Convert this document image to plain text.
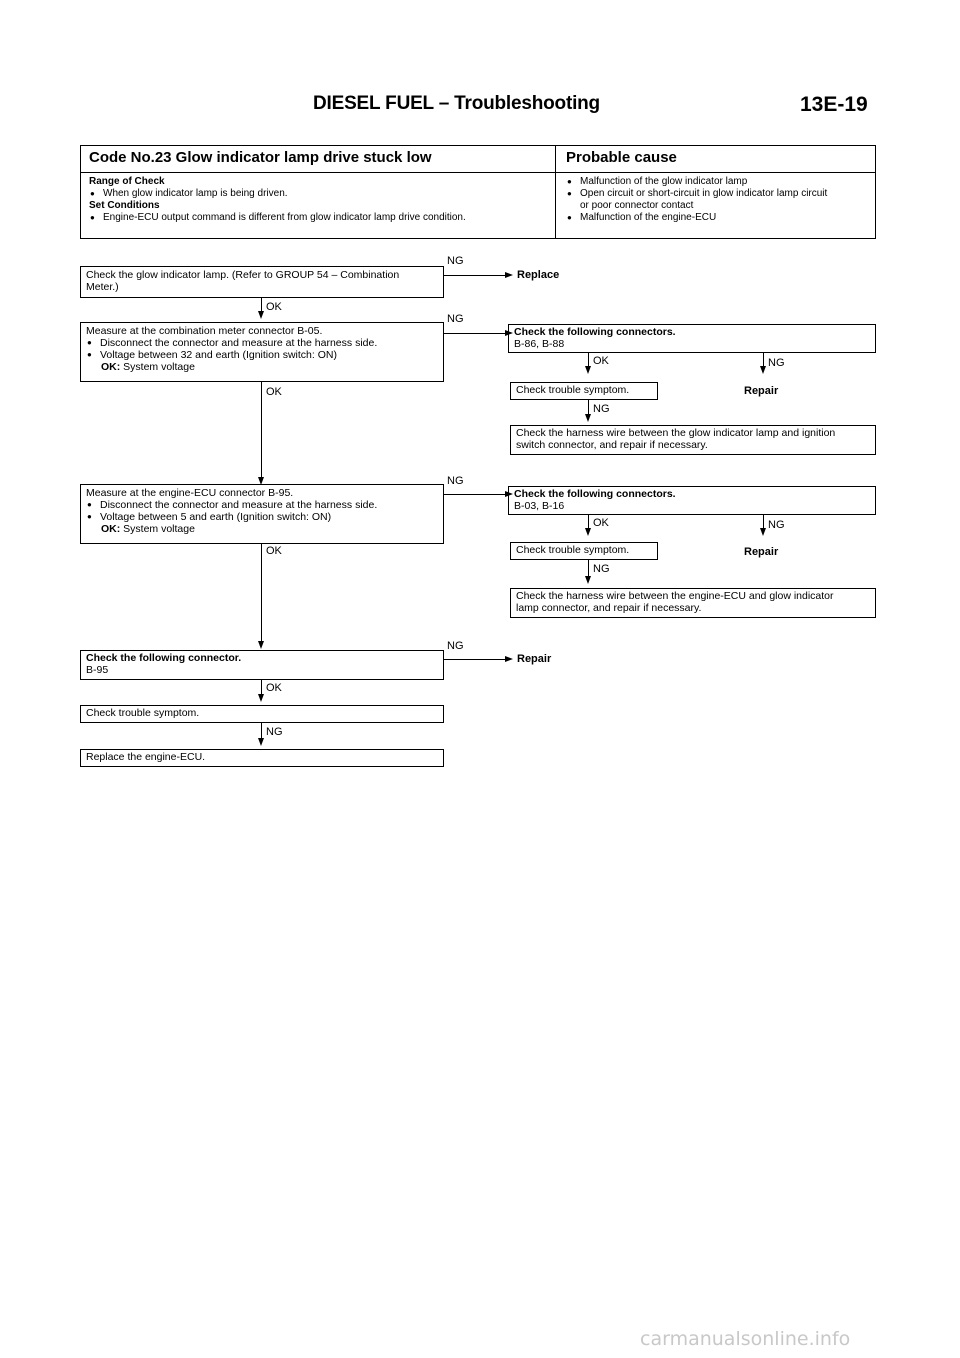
DIESEL FUEL – Troubleshooting	13E-19
Code No.23 Glow indicator lamp drive stuck low	Probable cause
Range of Check
● When glow indicator lamp is being driven.
Set Conditions
● Engine-ECU output command is different from glow indicator lamp drive condition.
● Malfunction of the glow indicator lamp
● Open circuit or short-circuit in glow indicator lamp circuit
or poor connector contact
● Malfunction of the engine-ECU
Check the glow indicator lamp. (Refer to GROUP 54 – Combination
Meter.)
NG
Replace
OK
Measure at the combination meter connector B-05.
● Disconnect the connector and measure at the harness side.
● Voltage between 32 and earth (Ignition switch: ON)
OK: System voltage
NG
Check the following connectors.
B-86, B-88
OK	NG
Repair
Check trouble symptom.
NG
Check the harness wire between the glow indicator lamp and ignition
switch connector, and repair if necessary.
OK
Measure at the engine-ECU connector B-95.
● Disconnect the connector and measure at the harness side.
● Voltage between 5 and earth (Ignition switch: ON)
OK: System voltage
NG
Check the following connectors.
B-03, B-16
OK	NG
Repair
Check trouble symptom.
NG
Check the harness wire between the engine-ECU and glow indicator
lamp connector, and repair if necessary.
OK
Check the following connector.
B-95
NG
Repair
OK
Check trouble symptom.
NG
Replace the engine-ECU.
carmanualsonline.info
